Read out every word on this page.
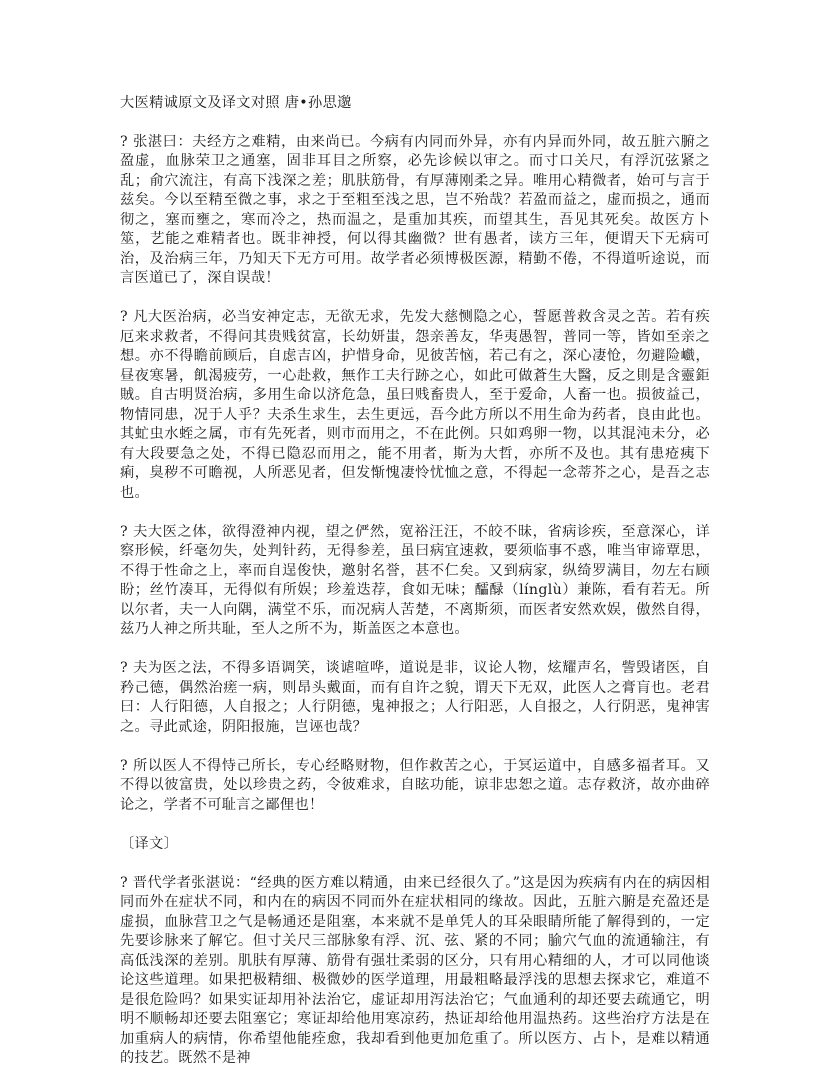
大医精诚原文及译文对照 唐•孙思邈

? 张湛曰：夫经方之难精，由来尚已。今病有内同而外异，亦有内异而外同，故五脏六腑之盈虚，血脉荣卫之通塞，固非耳目之所察，必先诊候以审之。而寸口关尺，有浮沉弦紧之乱；俞穴流注，有高下浅深之差；肌肤筋骨，有厚薄刚柔之异。唯用心精微者，始可与言于兹矣。今以至精至微之事，求之于至粗至浅之思，岂不殆哉？若盈而益之，虚而损之，通而彻之，塞而壅之，寒而冷之，热而温之，是重加其疾，而望其生，吾见其死矣。故医方卜筮，艺能之难精者也。既非神授，何以得其幽微？世有愚者，读方三年，便谓天下无病可治，及治病三年，乃知天下无方可用。故学者必须博极医源，精勤不倦，不得道听途说，而言医道已了，深自误哉！

? 凡大医治病，必当安神定志，无欲无求，先发大慈恻隐之心，誓愿普救含灵之苦。若有疾厄来求救者，不得问其贵贱贫富，长幼妍蚩，怨亲善友，华夷愚智，普同一等，皆如至亲之想。亦不得瞻前顾后，自虑吉凶，护惜身命，见彼苦恼，若己有之，深心凄怆，勿避险巇，昼夜寒暑，飢渴疲劳，一心赴救，無作工夫行跡之心，如此可做蒼生大醫，反之則是含靈鉅賊。自古明贤治病，多用生命以济危急，虽曰贱畜贵人，至于爱命，人畜一也。损彼益己，物情同患，况于人乎？夫杀生求生，去生更远，吾今此方所以不用生命为药者，良由此也。其虻虫水蛭之属，市有先死者，则市而用之，不在此例。只如鸡卵一物，以其混沌未分，必有大段要急之处，不得已隐忍而用之，能不用者，斯为大哲，亦所不及也。其有患疮痍下痢，臭秽不可瞻视，人所恶见者，但发惭愧凄怜忧恤之意，不得起一念蒂芥之心，是吾之志也。

? 夫大医之体，欲得澄神内视，望之俨然，宽裕汪汪，不皎不昧，省病诊疾，至意深心，详察形候，纤毫勿失，处判针药，无得参差，虽曰病宜速救，要须临事不惑，唯当审谛覃思，不得于性命之上，率而自逞俊快，邀射名誉，甚不仁矣。又到病家，纵绮罗满目，勿左右顾盼；丝竹凑耳，无得似有所娱；珍羞迭荐，食如无味；醽醁（línglù）兼陈，看有若无。所以尔者，夫一人向隅，满堂不乐，而况病人苦楚，不离斯须，而医者安然欢娱，傲然自得，兹乃人神之所共耻，至人之所不为，斯盖医之本意也。

? 夫为医之法，不得多语调笑，谈谑喧哗，道说是非，议论人物，炫耀声名，訾毁诸医，自矜己德，偶然治瘥一病，则昂头戴面，而有自许之貌，谓天下无双，此医人之膏肓也。老君曰：人行阳德，人自报之；人行阴德，鬼神报之；人行阳恶，人自报之，人行阴恶，鬼神害之。寻此贰途，阴阳报施，岂诬也哉？

? 所以医人不得恃己所长，专心经略财物，但作救苦之心，于冥运道中，自感多福者耳。又不得以彼富贵，处以珍贵之药，令彼难求，自眩功能，谅非忠恕之道。志存救济，故亦曲碎论之，学者不可耻言之鄙俚也！

〔译文〕

? 晋代学者张湛说：“经典的医方难以精通，由来已经很久了。”这是因为疾病有内在的病因相同而外在症状不同，和内在的病因不同而外在症状相同的缘故。因此，五脏六腑是充盈还是虚损，血脉营卫之气是畅通还是阻塞，本来就不是单凭人的耳朵眼睛所能了解得到的，一定先要诊脉来了解它。但寸关尺三部脉象有浮、沉、弦、紧的不同；腧穴气血的流通输注，有高低浅深的差别。肌肤有厚薄、筋骨有强壮柔弱的区分，只有用心精细的人，才可以同他谈论这些道理。如果把极精细、极微妙的医学道理，用最粗略最浮浅的思想去探求它，难道不是很危险吗？如果实证却用补法治它，虚证却用泻法治它；气血通利的却还要去疏通它，明明不顺畅却还要去阻塞它；寒证却给他用寒凉药，热证却给他用温热药。这些治疗方法是在加重病人的病情，你希望他能痊愈，我却看到他更加危重了。所以医方、占卜，是难以精通的技艺。既然不是神
